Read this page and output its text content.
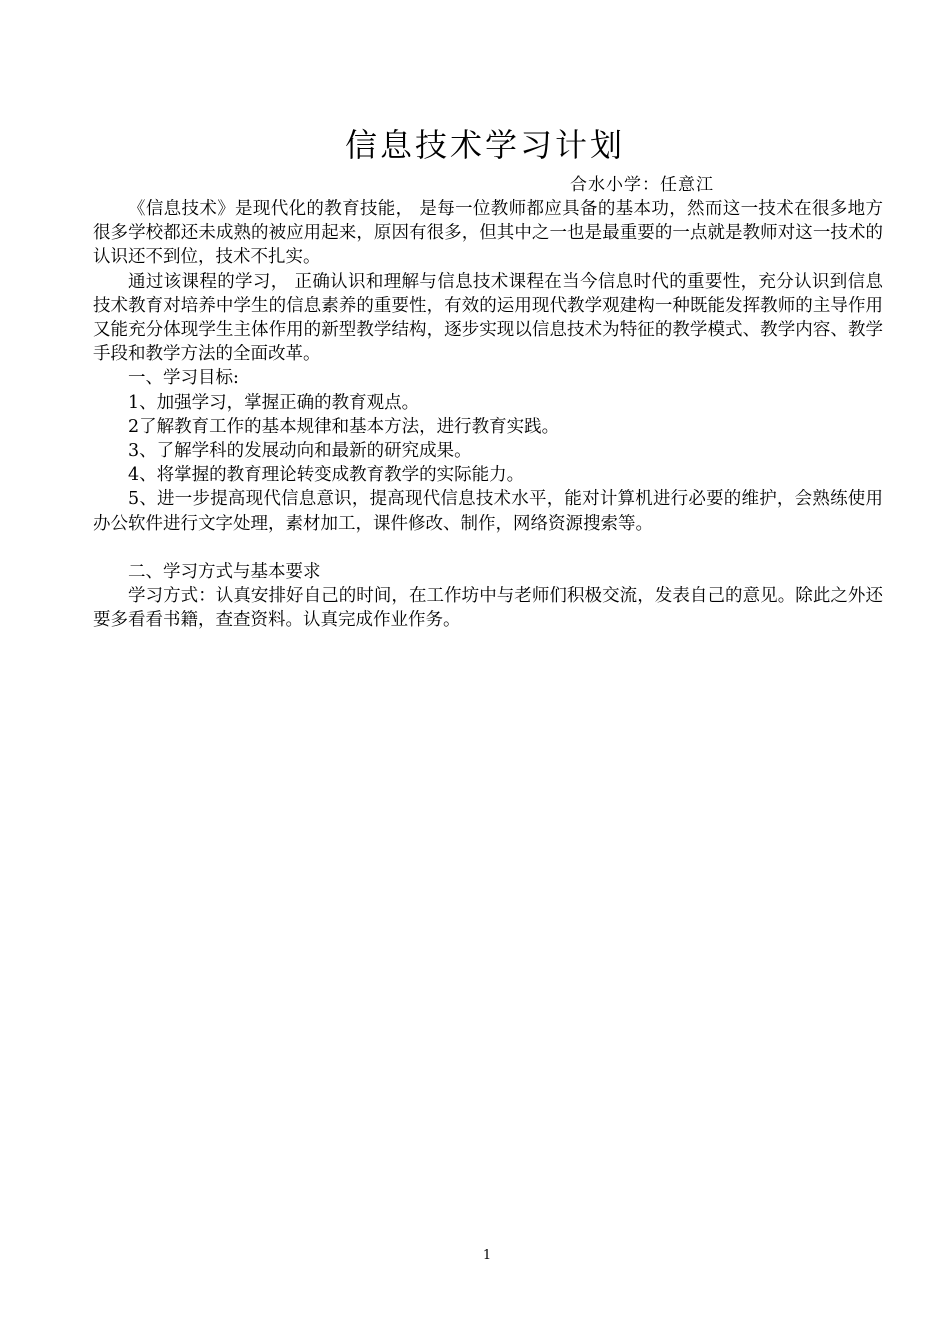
信息技术学习计划
合水小学：任意江

《信息技术》是现代化的教育技能， 是每一位教师都应具备的基本功，然而这一技术在很多地方很多学校都还未成熟的被应用起来，原因有很多，但其中之一也是最重要的一点就是教师对这一技术的认识还不到位，技术不扎实。

通过该课程的学习， 正确认识和理解与信息技术课程在当今信息时代的重要性，充分认识到信息技术教育对培养中学生的信息素养的重要性，有效的运用现代教学观建构一种既能发挥教师的主导作用又能充分体现学生主体作用的新型教学结构，逐步实现以信息技术为特征的教学模式、教学内容、教学手段和教学方法的全面改革。

一、学习目标:

1、加强学习，掌握正确的教育观点。

2了解教育工作的基本规律和基本方法，进行教育实践。

3、了解学科的发展动向和最新的研究成果。

4、将掌握的教育理论转变成教育教学的实际能力。

5、进一步提高现代信息意识，提高现代信息技术水平，能对计算机进行必要的维护，会熟练使用办公软件进行文字处理，素材加工，课件修改、制作，网络资源搜索等。

二、学习方式与基本要求

学习方式：认真安排好自己的时间，在工作坊中与老师们积极交流，发表自己的意见。除此之外还要多看看书籍，查查资料。认真完成作业作务。

1
